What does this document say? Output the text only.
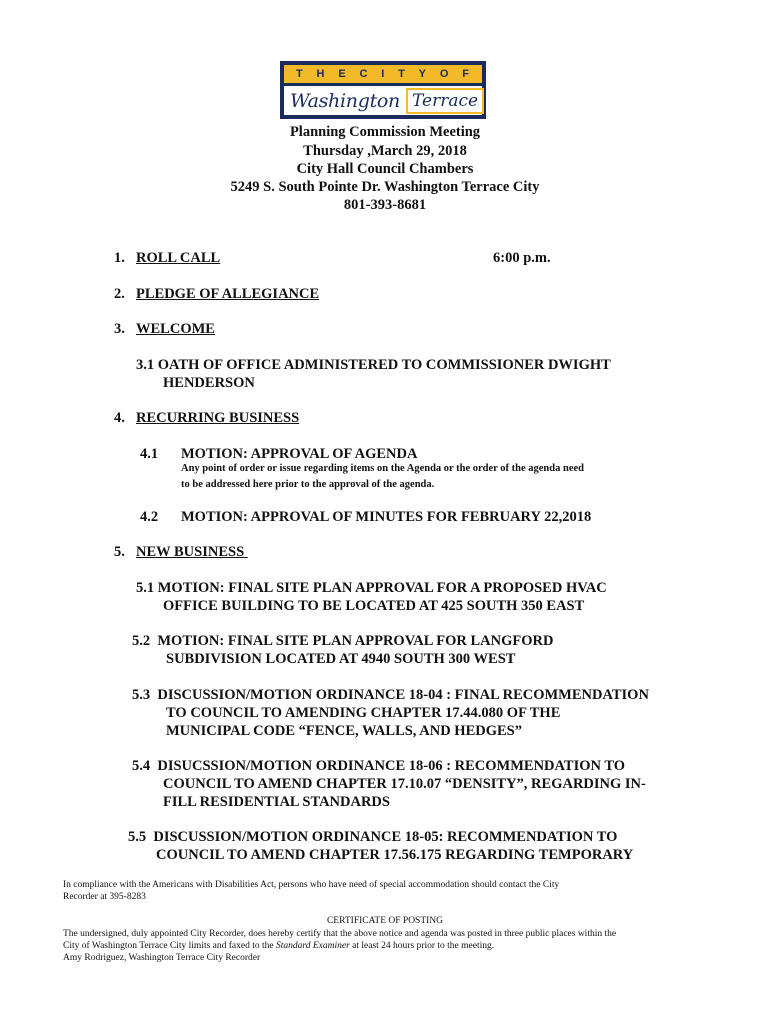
T H E C I T Y O F
Washington Terrace
Planning Commission Meeting
Thursday ,March 29, 2018
City Hall Council Chambers
5249 S. South Pointe Dr. Washington Terrace City
801-393-8681
1. ROLL CALL	6:00 p.m.
2. PLEDGE OF ALLEGIANCE
3. WELCOME
3.1 OATH OF OFFICE ADMINISTERED TO COMMISSIONER DWIGHT
HENDERSON
4. RECURRING BUSINESS
4.1 MOTION: APPROVAL OF AGENDA
Any point of order or issue regarding items on the Agenda or the order of the agenda need
to be addressed here prior to the approval of the agenda.
4.2 MOTION: APPROVAL OF MINUTES FOR FEBRUARY 22,2018
5. NEW BUSINESS
5.1 MOTION: FINAL SITE PLAN APPROVAL FOR A PROPOSED HVAC
OFFICE BUILDING TO BE LOCATED AT 425 SOUTH 350 EAST
5.2  MOTION: FINAL SITE PLAN APPROVAL FOR LANGFORD
SUBDIVISION LOCATED AT 4940 SOUTH 300 WEST
5.3  DISCUSSION/MOTION ORDINANCE 18-04 : FINAL RECOMMENDATION
TO COUNCIL TO AMENDING CHAPTER 17.44.080 OF THE
MUNICIPAL CODE “FENCE, WALLS, AND HEDGES”
5.4  DISUCSSION/MOTION ORDINANCE 18-06 : RECOMMENDATION TO
COUNCIL TO AMEND CHAPTER 17.10.07 “DENSITY”, REGARDING IN-
FILL RESIDENTIAL STANDARDS
5.5  DISCUSSION/MOTION ORDINANCE 18-05: RECOMMENDATION TO
COUNCIL TO AMEND CHAPTER 17.56.175 REGARDING TEMPORARY
In compliance with the Americans with Disabilities Act, persons who have need of special accommodation should contact the City
Recorder at 395-8283
CERTIFICATE OF POSTING
The undersigned, duly appointed City Recorder, does hereby certify that the above notice and agenda was posted in three public places within the
City of Washington Terrace City limits and faxed to the Standard Examiner at least 24 hours prior to the meeting.
Amy Rodriguez, Washington Terrace City Recorder
